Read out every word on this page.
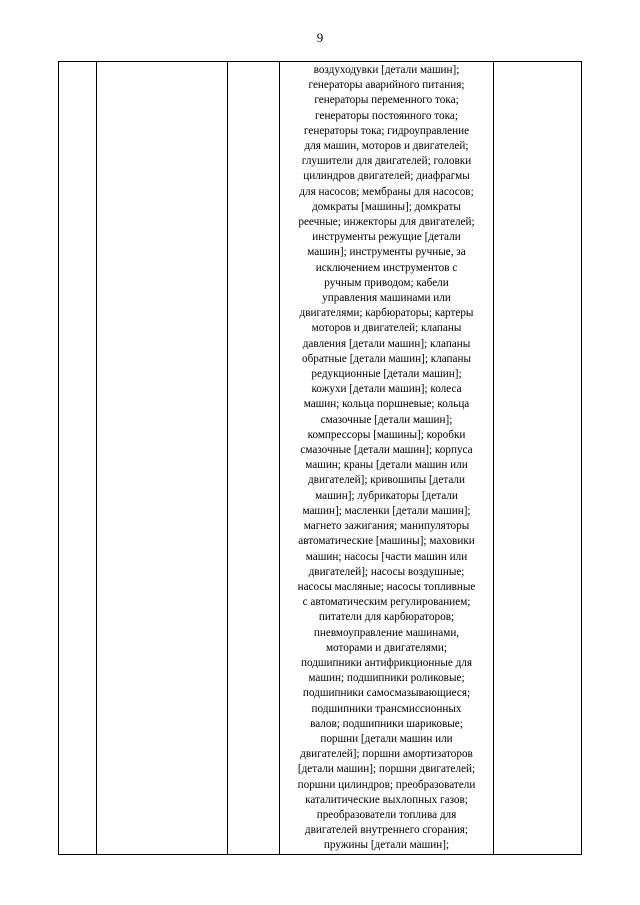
9

воздуходувки [детали машин];
генераторы аварийного питания;
генераторы переменного тока;
генераторы постоянного тока;
генераторы тока; гидроуправление
для машин, моторов и двигателей;
глушители для двигателей; головки
цилиндров двигателей; диафрагмы
для насосов; мембраны для насосов;
домкраты [машины]; домкраты
реечные; инжекторы для двигателей;
инструменты режущие [детали
машин]; инструменты ручные, за
исключением инструментов с
ручным приводом; кабели
управления машинами или
двигателями; карбюраторы; картеры
моторов и двигателей; клапаны
давления [детали машин]; клапаны
обратные [детали машин]; клапаны
редукционные [детали машин];
кожухи [детали машин]; колеса
машин; кольца поршневые; кольца
смазочные [детали машин];
компрессоры [машины]; коробки
смазочные [детали машин]; корпуса
машин; краны [детали машин или
двигателей]; кривошипы [детали
машин]; лубрикаторы [детали
машин]; масленки [детали машин];
магнето зажигания; манипуляторы
автоматические [машины]; маховики
машин; насосы [части машин или
двигателей]; насосы воздушные;
насосы масляные; насосы топливные
с автоматическим регулированием;
питатели для карбюраторов;
пневмоуправление машинами,
моторами и двигателями;
подшипники антифрикционные для
машин; подшипники роликовые;
подшипники самосмазывающиеся;
подшипники трансмиссионных
валов; подшипники шариковые;
поршни [детали машин или
двигателей]; поршни амортизаторов
[детали машин]; поршни двигателей;
поршни цилиндров; преобразователи
каталитические выхлопных газов;
преобразователи топлива для
двигателей внутреннего сгорания;
пружины [детали машин];
